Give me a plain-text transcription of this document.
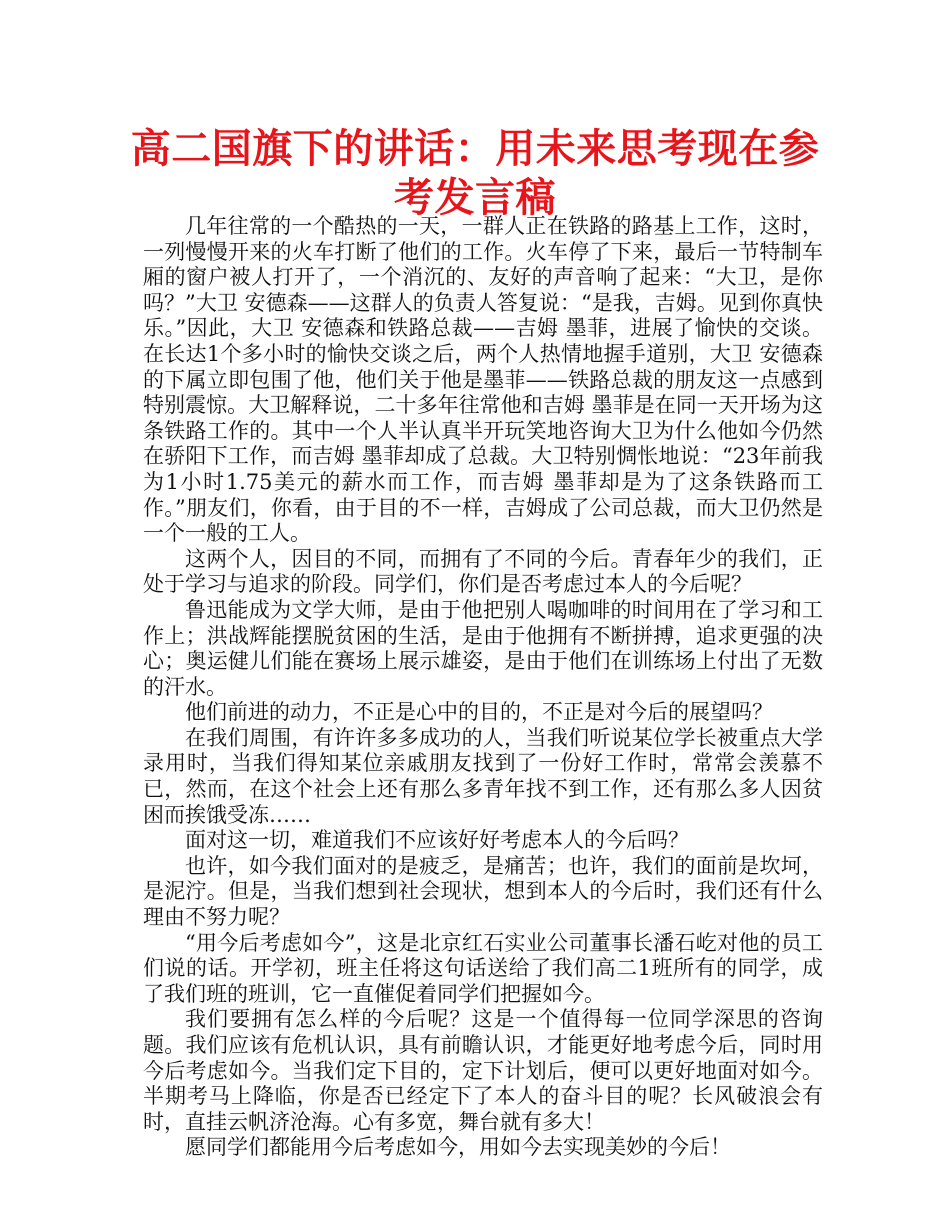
高二国旗下的讲话：用未来思考现在参考发言稿

几年往常的一个酷热的一天，一群人正在铁路的路基上工作，这时，一列慢慢开来的火车打断了他们的工作。火车停了下来，最后一节特制车厢的窗户被人打开了，一个消沉的、友好的声音响了起来：“大卫，是你吗？”大卫 安德森——这群人的负责人答复说：“是我，吉姆。见到你真快乐。”因此，大卫 安德森和铁路总裁——吉姆 墨菲，进展了愉快的交谈。在长达1个多小时的愉快交谈之后，两个人热情地握手道别，大卫 安德森的下属立即包围了他，他们关于他是墨菲——铁路总裁的朋友这一点感到特别震惊。大卫解释说，二十多年往常他和吉姆 墨菲是在同一天开场为这条铁路工作的。其中一个人半认真半开玩笑地咨询大卫为什么他如今仍然在骄阳下工作，而吉姆 墨菲却成了总裁。大卫特别惆怅地说：“23年前我为1小时1.75美元的薪水而工作，而吉姆 墨菲却是为了这条铁路而工作。”朋友们，你看，由于目的不一样，吉姆成了公司总裁，而大卫仍然是一个一般的工人。

这两个人，因目的不同，而拥有了不同的今后。青春年少的我们，正处于学习与追求的阶段。同学们，你们是否考虑过本人的今后呢？

鲁迅能成为文学大师，是由于他把别人喝咖啡的时间用在了学习和工作上；洪战辉能摆脱贫困的生活，是由于他拥有不断拼搏，追求更强的决心；奥运健儿们能在赛场上展示雄姿，是由于他们在训练场上付出了无数的汗水。

他们前进的动力，不正是心中的目的，不正是对今后的展望吗？

在我们周围，有许许多多成功的人，当我们听说某位学长被重点大学录用时，当我们得知某位亲戚朋友找到了一份好工作时，常常会羡慕不已，然而，在这个社会上还有那么多青年找不到工作，还有那么多人因贫困而挨饿受冻……

面对这一切，难道我们不应该好好考虑本人的今后吗？

也许，如今我们面对的是疲乏，是痛苦；也许，我们的面前是坎坷，是泥泞。但是，当我们想到社会现状，想到本人的今后时，我们还有什么理由不努力呢？

“用今后考虑如今”，这是北京红石实业公司董事长潘石屹对他的员工们说的话。开学初，班主任将这句话送给了我们高二1班所有的同学，成了我们班的班训，它一直催促着同学们把握如今。

我们要拥有怎么样的今后呢？这是一个值得每一位同学深思的咨询题。我们应该有危机认识，具有前瞻认识，才能更好地考虑今后，同时用今后考虑如今。当我们定下目的，定下计划后，便可以更好地面对如今。半期考马上降临，你是否已经定下了本人的奋斗目的呢？长风破浪会有时，直挂云帆济沧海。心有多宽，舞台就有多大！

愿同学们都能用今后考虑如今，用如今去实现美妙的今后！
